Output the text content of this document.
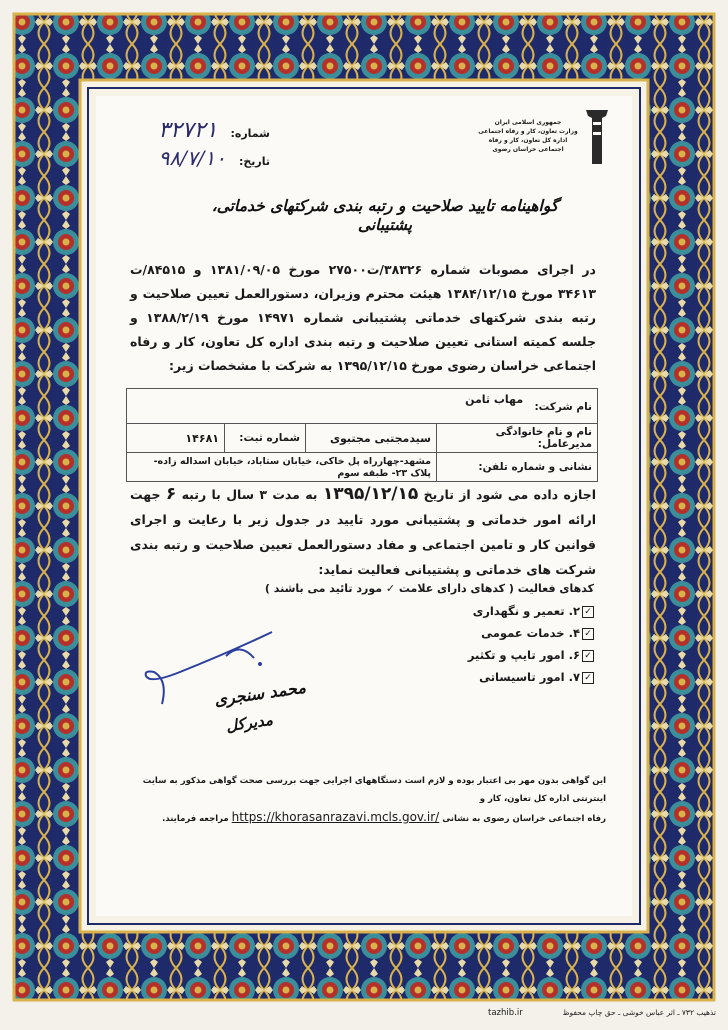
شماره: ۳۲۷۲۱
تاریخ: ۹۸/۷/۱۰
جمهوری اسلامی ایران
وزارت تعاون، کار و رفاه اجتماعی
اداره کل تعاون، کار و رفاه اجتماعی خراسان رضوی
گواهینامه تایید صلاحیت و رتبه بندی شرکتهای خدماتی، پشتیبانی
در اجرای مصوبات شماره ۳۸۳۲۶/ت۲۷۵۰۰ مورخ ۱۳۸۱/۰۹/۰۵ و ۸۴۵۱۵/ت ۳۴۶۱۳ مورخ ۱۳۸۴/۱۲/۱۵ هیئت محترم وزیران، دستورالعمل تعیین صلاحیت و رتبه بندی شرکتهای خدماتی پشتیبانی شماره ۱۴۹۷۱ مورخ ۱۳۸۸/۲/۱۹ و جلسه کمیته استانی تعیین صلاحیت و رتبه بندی اداره کل تعاون، کار و رفاه اجتماعی خراسان رضوی مورخ ۱۳۹۵/۱۲/۱۵ به شرکت با مشخصات زیر:
نام شرکت: مهاب ثامن			
نام و نام خانوادگی مدیرعامل:	سیدمجتبی مجتبوی	شماره ثبت:	۱۴۶۸۱
نشانی و شماره تلفن:	مشهد-چهارراه پل خاکی، خیابان ستاباد، خیابان اسداله زاده- پلاک ۲۳- طبقه سوم		
اجازه داده می شود از تاریخ ۱۳۹۵/۱۲/۱۵ به مدت ۳ سال با رتبه ۶ جهت ارائه امور خدماتی و پشتیبانی مورد تایید در جدول زیر با رعایت و اجرای قوانین کار و تامین اجتماعی و مفاد دستورالعمل تعیین صلاحیت و رتبه بندی شرکت های خدماتی و پشتیبانی فعالیت نماید:
کدهای فعالیت ( کدهای دارای علامت ✓ مورد تائید می باشند )
✓۲. تعمیر و نگهداری
✓۴. خدمات عمومی
✓۶. امور تایپ و تکثیر
✓۷. امور تاسیساتی
محمد سنجری
مدیرکل
این گواهی بدون مهر بی اعتبار بوده و لازم است دستگاههای اجرایی جهت بررسی صحت گواهی مذکور به سایت اینترنتی اداره کل تعاون، کار و
رفاه اجتماعی خراسان رضوی به نشانی https://khorasanrazavi.mcls.gov.ir/ مراجعه فرمایند.
tazhib.ir	تذهیب ۷۳۲ ـ اثر عباس خوشی ـ حق چاپ محفوظ
